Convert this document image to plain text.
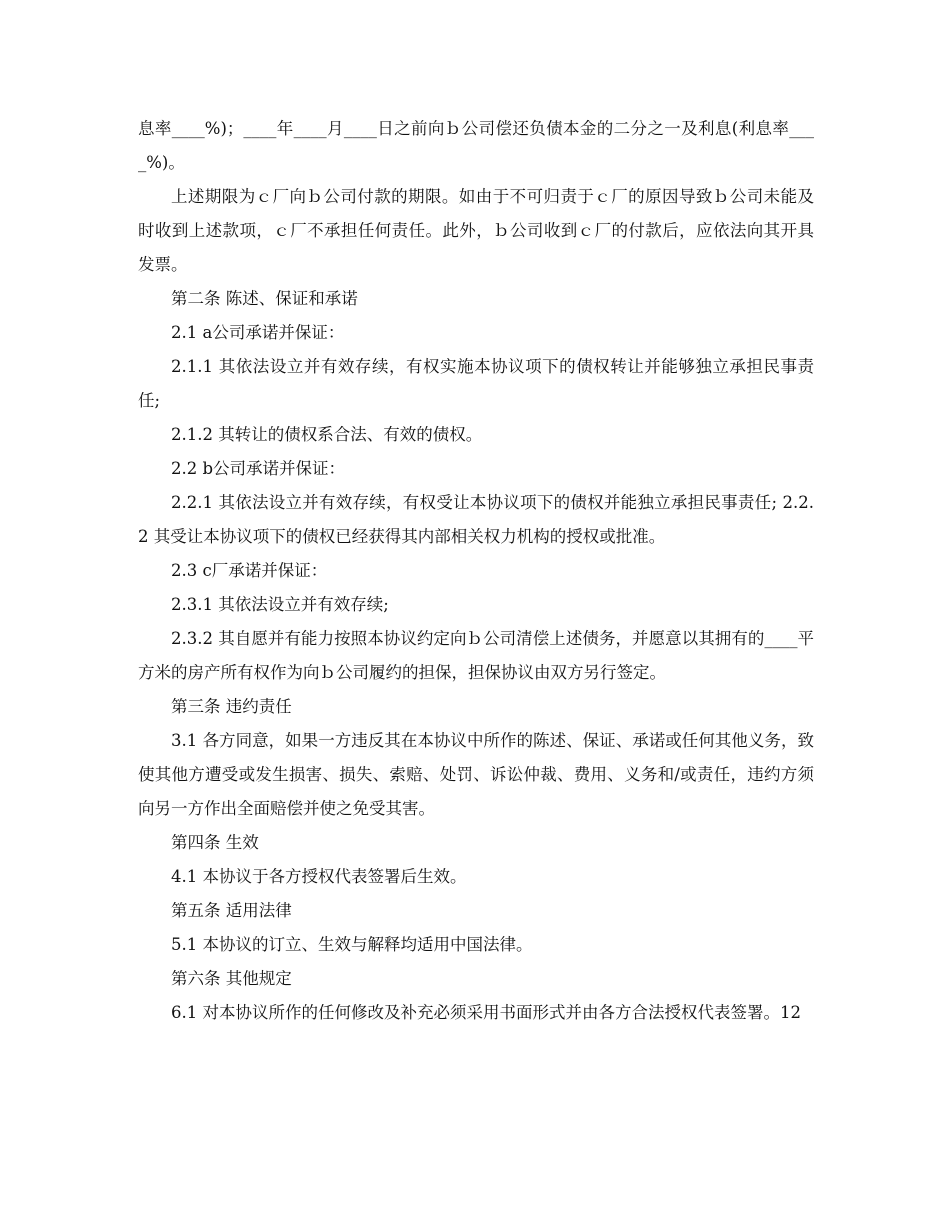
息率____%)；____年____月____日之前向ｂ公司偿还负债本金的二分之一及利息(利息率____%)。

上述期限为ｃ厂向ｂ公司付款的期限。如由于不可归责于ｃ厂的原因导致ｂ公司未能及时收到上述款项，ｃ厂不承担任何责任。此外，ｂ公司收到ｃ厂的付款后，应依法向其开具发票。

第二条 陈述、保证和承诺

2.1 a公司承诺并保证：

2.1.1 其依法设立并有效存续，有权实施本协议项下的债权转让并能够独立承担民事责任;

2.1.2 其转让的债权系合法、有效的债权。

2.2 b公司承诺并保证：

2.2.1 其依法设立并有效存续，有权受让本协议项下的债权并能独立承担民事责任; 2.2.2 其受让本协议项下的债权已经获得其内部相关权力机构的授权或批准。

2.3 c厂承诺并保证：

2.3.1 其依法设立并有效存续;

2.3.2 其自愿并有能力按照本协议约定向ｂ公司清偿上述债务，并愿意以其拥有的____平方米的房产所有权作为向ｂ公司履约的担保，担保协议由双方另行签定。

第三条 违约责任

3.1 各方同意，如果一方违反其在本协议中所作的陈述、保证、承诺或任何其他义务，致使其他方遭受或发生损害、损失、索赔、处罚、诉讼仲裁、费用、义务和/或责任，违约方须向另一方作出全面赔偿并使之免受其害。

第四条 生效

4.1 本协议于各方授权代表签署后生效。

第五条 适用法律

5.1 本协议的订立、生效与解释均适用中国法律。

第六条 其他规定

6.1 对本协议所作的任何修改及补充必须采用书面形式并由各方合法授权代表签署。12
